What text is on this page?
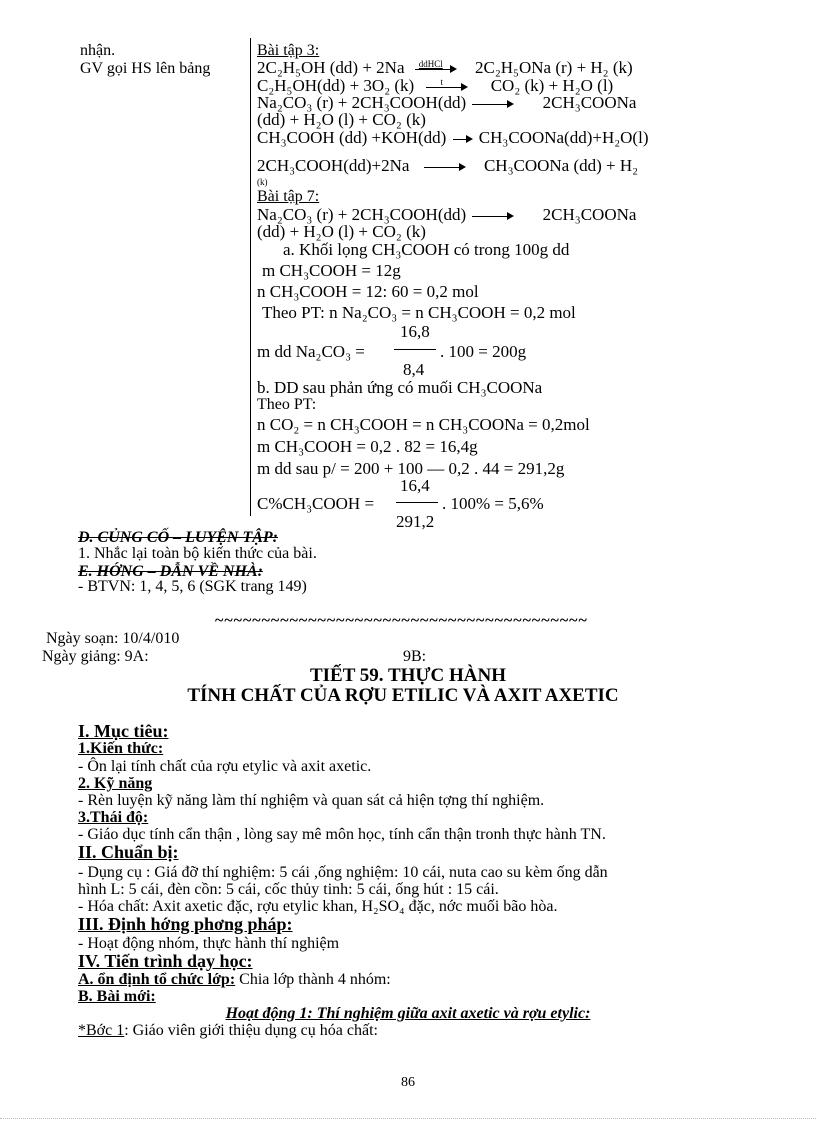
nhận.
GV gọi HS lên bảng
Bài tập 3:
2C₂H₅OH (dd) + 2Na ddHCl 2C₂H₅ONa (r) + H₂ (k)
C₂H₅OH(dd) + 3O₂ (k)	t	CO₂ (k) + H₂O (l)
Na₂CO₃ (r) + 2CH₃COOH(dd)	2CH₃COONa
(dd) + H₂O (l) + CO₂ (k)
CH₃COOH (dd) +KOH(dd) CH₃COONa(dd)+H₂O(l)
2CH₃COOH(dd)+2Na	CH₃COONa (dd) + H₂
(k)
Bài tập 7:
Na₂CO₃ (r) + 2CH₃COOH(dd)	2CH₃COONa
(dd) + H₂O (l) + CO₂ (k)
a. Khối lọng CH₃COOH có trong 100g dd
m CH₃COOH = 12g
n CH₃COOH = 12: 60 = 0,2 mol
Theo PT: n Na₂CO₃ = n CH₃COOH = 0,2 mol
16,8
m dd Na₂CO₃ =	. 100 = 200g
8,4
b. DD sau phản ứng có muối CH₃COONa
Theo PT:
n CO₂ = n CH₃COOH = n CH₃COONa = 0,2mol
m CH₃COOH = 0,2 . 82 = 16,4g
m dd sau p/ = 200 + 100 — 0,2 . 44 = 291,2g
16,4
C%CH₃COOH =	. 100% = 5,6%
291,2
D. CỦNG CỐ – LUYỆN TẬP:
1. Nhắc lại toàn bộ kiến thức của bài.
E. HỚNG – DẪN VỀ NHÀ:
- BTVN: 1, 4, 5, 6 (SGK trang 149)
~~~~~~~~~~~~~~~~~~~~~~~~~~~~~~~~~~~~~~~~
Ngày soạn: 10/4/010
Ngày giảng: 9A:	9B:
TIẾT 59. THỰC HÀNH
TÍNH CHẤT CỦA RỢU ETILIC VÀ AXIT AXETIC
I. Mục tiêu:
1.Kiến thức:
- Ôn lại tính chất của rợu etylic và axit axetic.
2. Kỹ năng
- Rèn luyện kỹ năng làm thí nghiệm và quan sát cả hiện tợng thí nghiệm.
3.Thái độ:
- Giáo dục tính cẩn thận , lòng say mê môn học, tính cẩn thận tronh thực hành TN.
II. Chuẩn bị:
- Dụng cụ : Giá đỡ thí nghiệm: 5 cái ,ống nghiệm: 10 cái, nuta cao su kèm ống dẫn
hình L: 5 cái, đèn cồn: 5 cái, cốc thủy tinh: 5 cái, ống hút : 15 cái.
- Hóa chất: Axit axetic đặc, rợu etylic khan, H₂SO₄ đặc, nớc muối bão hòa.
III. Định hớng phơng pháp:
- Hoạt động nhóm, thực hành thí nghiệm
IV. Tiến trình dạy học:
A. ổn định tổ chức lớp: Chia lớp thành 4 nhóm:
B. Bài mới:
Hoạt động 1: Thí nghiệm giữa axit axetic và rợu etylic:
*Bớc 1: Giáo viên giới thiệu dụng cụ hóa chất:
86
